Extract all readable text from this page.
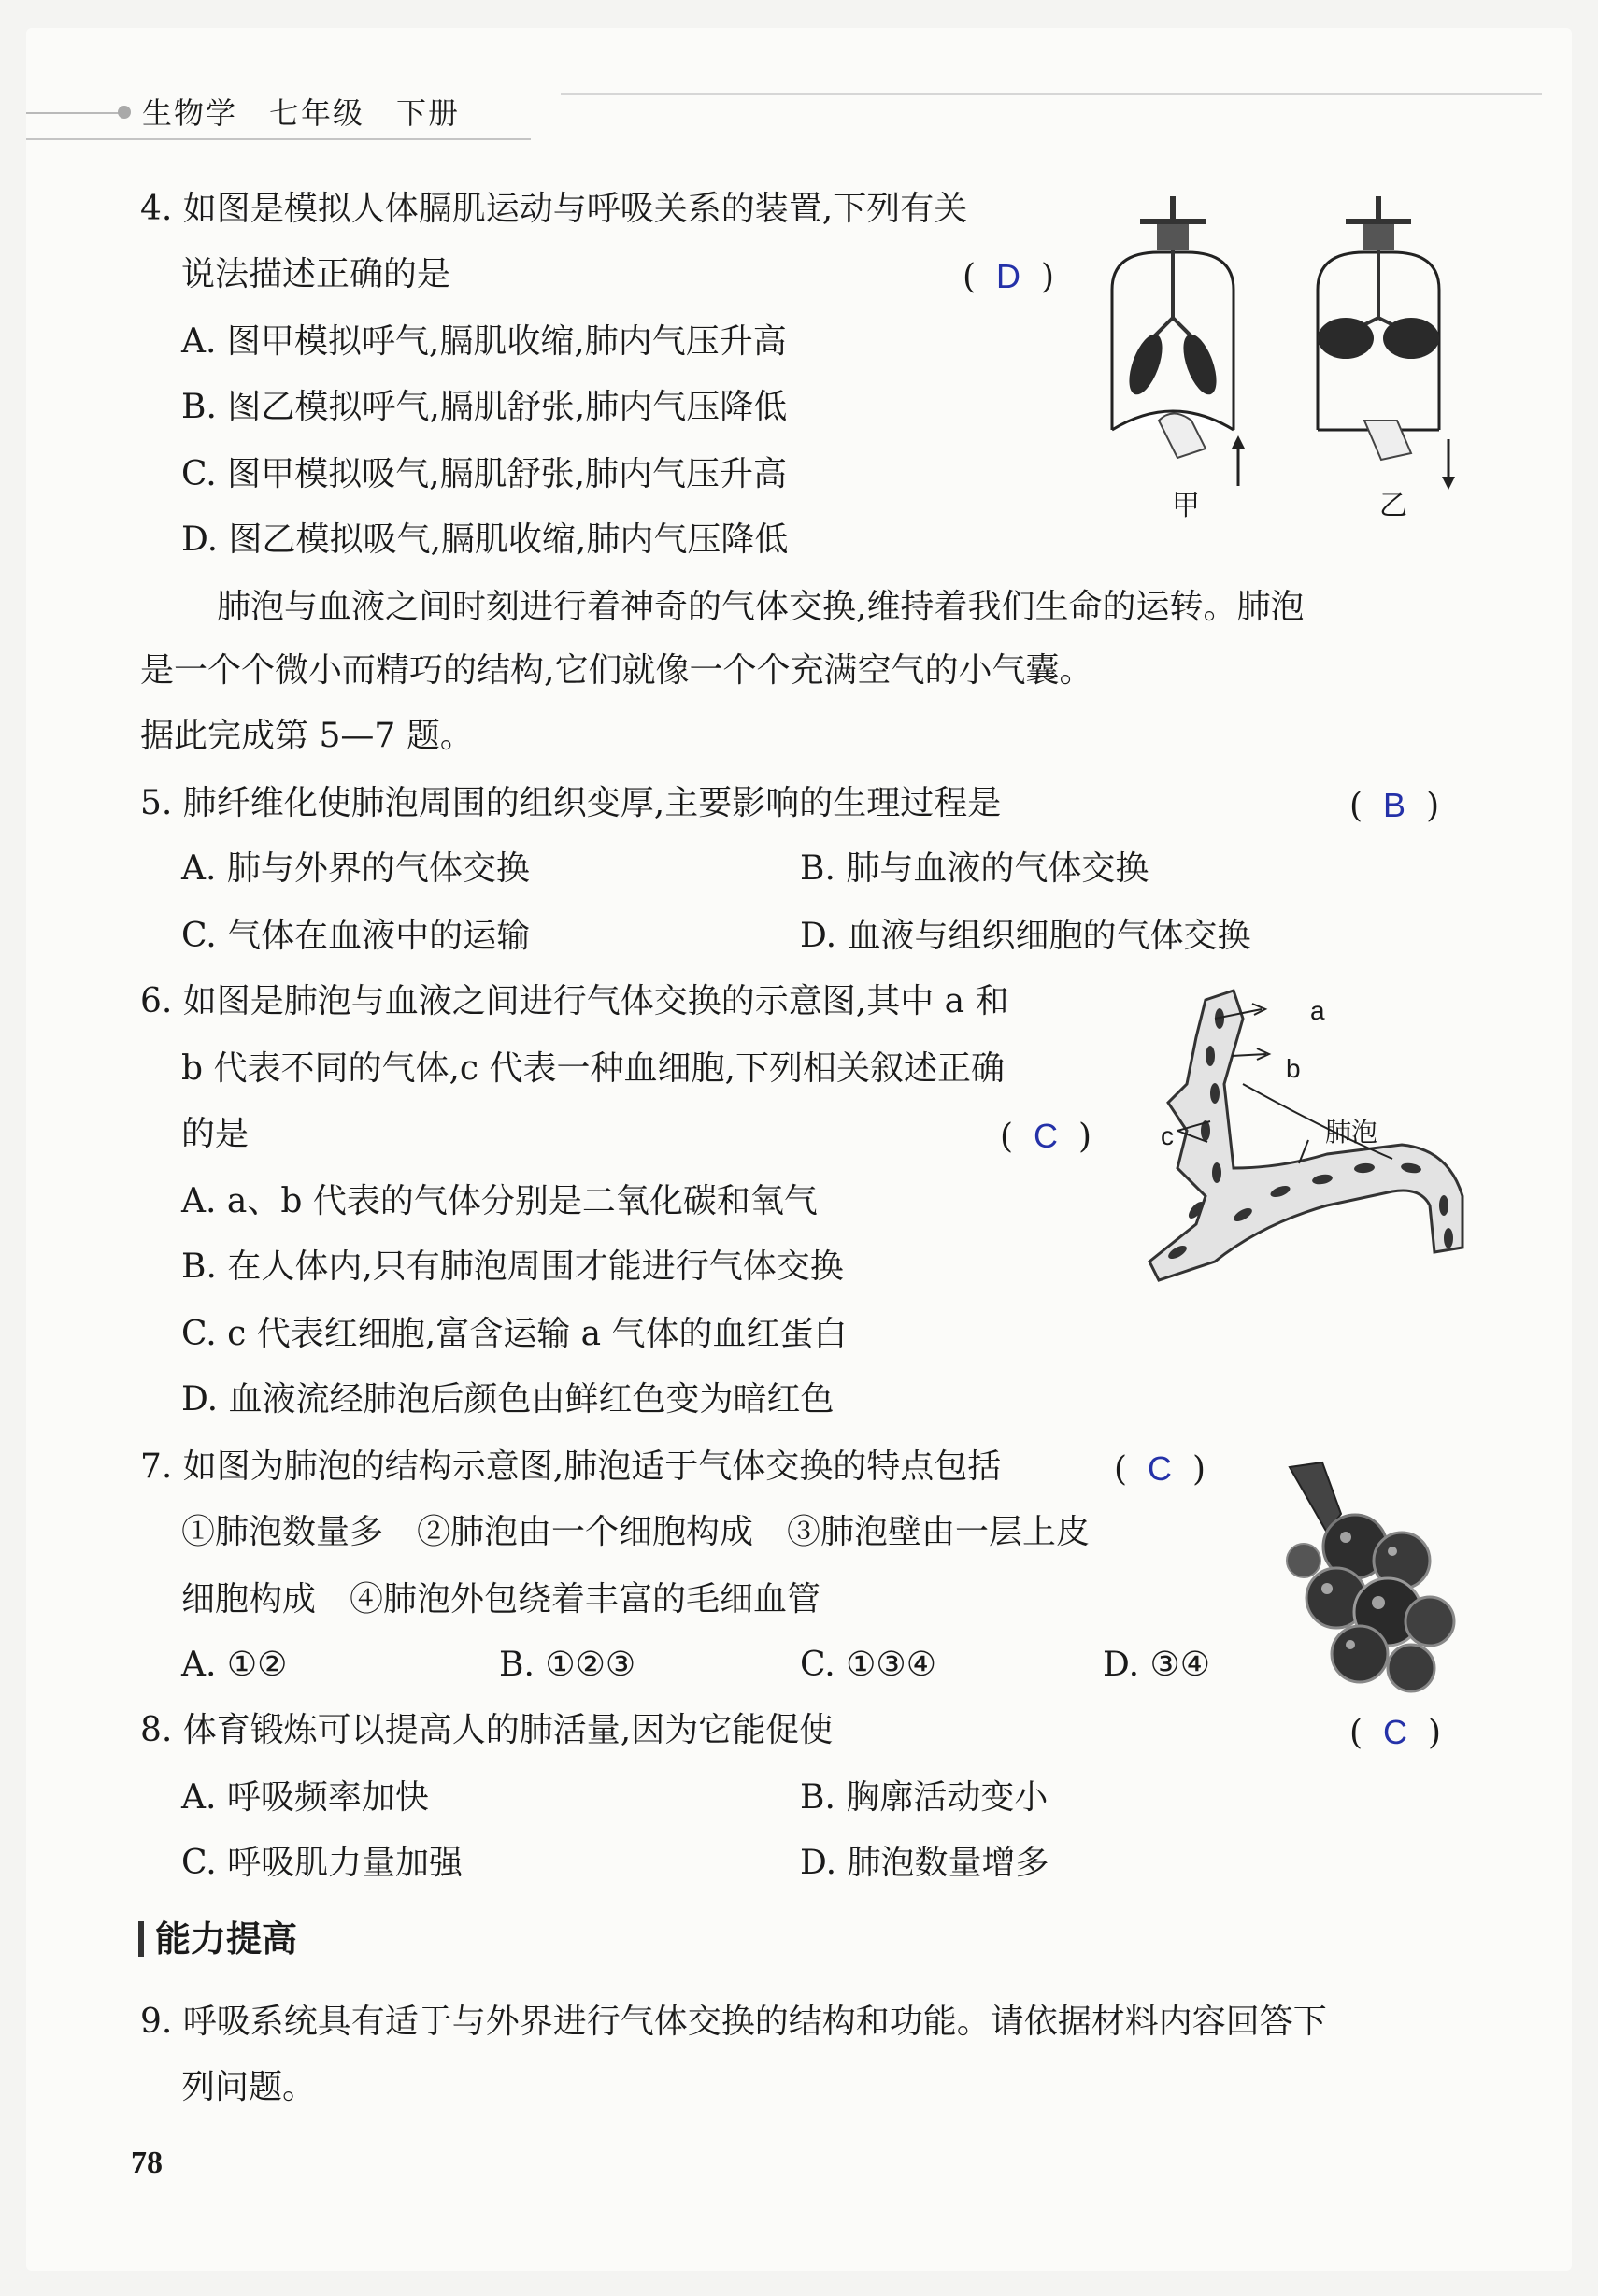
生物学　七年级　下册
4. 如图是模拟人体膈肌运动与呼吸关系的装置,下列有关
说法描述正确的是	( D )
A. 图甲模拟呼气,膈肌收缩,肺内气压升高
B. 图乙模拟呼气,膈肌舒张,肺内气压降低
C. 图甲模拟吸气,膈肌舒张,肺内气压升高
D. 图乙模拟吸气,膈肌收缩,肺内气压降低
甲	乙
肺泡与血液之间时刻进行着神奇的气体交换,维持着我们生命的运转。肺泡
是一个个微小而精巧的结构,它们就像一个个充满空气的小气囊。
据此完成第 5—7 题。
5. 肺纤维化使肺泡周围的组织变厚,主要影响的生理过程是	( B )
A. 肺与外界的气体交换	B. 肺与血液的气体交换
C. 气体在血液中的运输	D. 血液与组织细胞的气体交换
6. 如图是肺泡与血液之间进行气体交换的示意图,其中 a 和
b 代表不同的气体,c 代表一种血细胞,下列相关叙述正确
的是	( C )
A. a、b 代表的气体分别是二氧化碳和氧气
B. 在人体内,只有肺泡周围才能进行气体交换
C. c 代表红细胞,富含运输 a 气体的血红蛋白
D. 血液流经肺泡后颜色由鲜红色变为暗红色
a
b
c	肺泡
7. 如图为肺泡的结构示意图,肺泡适于气体交换的特点包括	( C )
①肺泡数量多　②肺泡由一个细胞构成　③肺泡壁由一层上皮
细胞构成　④肺泡外包绕着丰富的毛细血管
A. ①②	B. ①②③	C. ①③④	D. ③④
8. 体育锻炼可以提高人的肺活量,因为它能促使	( C )
A. 呼吸频率加快	B. 胸廓活动变小
C. 呼吸肌力量加强	D. 肺泡数量增多
能力提高
9. 呼吸系统具有适于与外界进行气体交换的结构和功能。请依据材料内容回答下
列问题。
78
